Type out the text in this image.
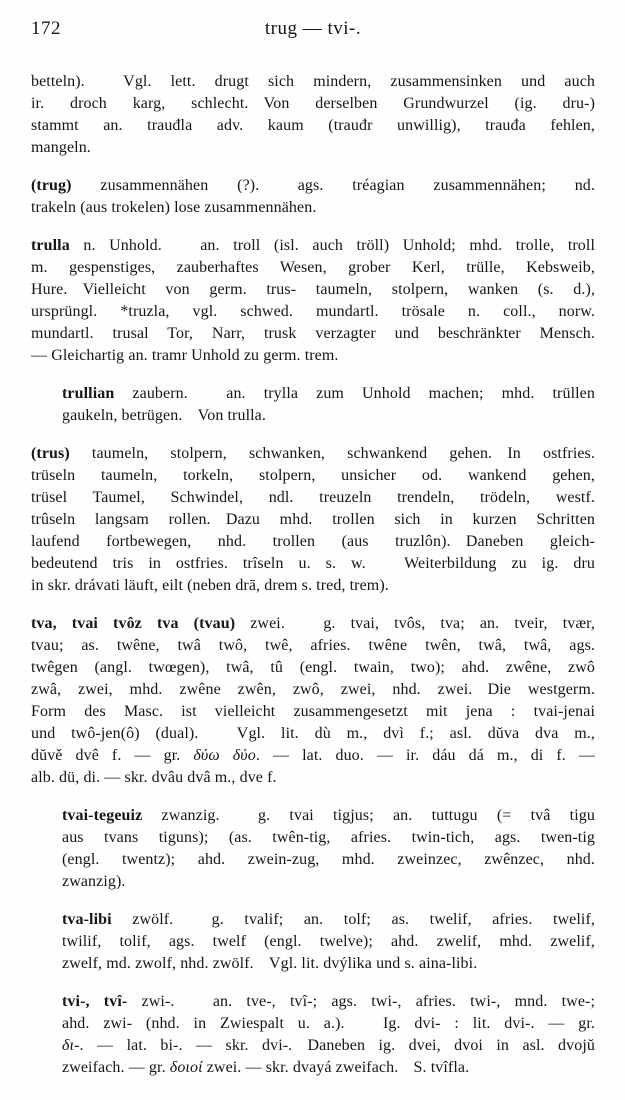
172	trug — tvi-.
betteln). Vgl. lett. drugt sich mindern, zusammensinken und auch
ir. droch karg, schlecht. Von derselben Grundwurzel (ig. dru-)
stammt an. trauđla adv. kaum (trauđr unwillig), trauđa fehlen,
mangeln.
(trug) zusammennähen (?). ags. tréagian zusammennähen; nd.
trakeln (aus trokelen) lose zusammennähen.
trulla n. Unhold. an. troll (isl. auch tröll) Unhold; mhd. trolle, troll
m. gespenstiges, zauberhaftes Wesen, grober Kerl, trülle, Kebsweib,
Hure. Vielleicht von germ. trus- taumeln, stolpern, wanken (s. d.),
ursprüngl. *truzla, vgl. schwed. mundartl. trösale n. coll., norw.
mundartl. trusal Tor, Narr, trusk verzagter und beschränkter Mensch.
— Gleichartig an. tramr Unhold zu germ. trem.
trullian zaubern. an. trylla zum Unhold machen; mhd. trüllen
gaukeln, betrügen. Von trulla.
(trus) taumeln, stolpern, schwanken, schwankend gehen. In ostfries.
trüseln taumeln, torkeln, stolpern, unsicher od. wankend gehen,
trüsel Taumel, Schwindel, ndl. treuzeln trendeln, trödeln, westf.
trûseln langsam rollen. Dazu mhd. trollen sich in kurzen Schritten
laufend fortbewegen, nhd. trollen (aus truzlôn). Daneben gleich-
bedeutend tris in ostfries. trîseln u. s. w. Weiterbildung zu ig. dru
in skr. drávati läuft, eilt (neben drā, drem s. tred, trem).
tva, tvai tvôz tva (tvau) zwei. g. tvai, tvôs, tva; an. tveir, tvær,
tvau; as. twêne, twâ twô, twê, afries. twêne twên, twâ, twâ, ags.
twêgen (angl. twœgen), twâ, tû (engl. twain, two); ahd. zwêne, zwô
zwâ, zwei, mhd. zwêne zwên, zwô, zwei, nhd. zwei. Die westgerm.
Form des Masc. ist vielleicht zusammengesetzt mit jena : tvai-jenai
und twô-jen(ô) (dual). Vgl. lit. dù m., dvì f.; asl. dŭva dva m.,
dŭvě dvê f. — gr. δύω δύο. — lat. duo. — ir. dáu dá m., di f. —
alb. dü, di. — skr. dvâu dvâ m., dve f.
tvai-tegeuiz zwanzig. g. tvai tigjus; an. tuttugu (= tvâ tigu
aus tvans tiguns); (as. twên-tig, afries. twin-tich, ags. twen-tig
(engl. twentz); ahd. zwein-zug, mhd. zweinzec, zwênzec, nhd.
zwanzig).
tva-libi zwölf. g. tvalif; an. tolf; as. twelif, afries. twelif,
twilif, tolif, ags. twelf (engl. twelve); ahd. zwelif, mhd. zwelif,
zwelf, md. zwolf, nhd. zwölf. Vgl. lit. dvýlika und s. aina-libi.
tvi-, tvî- zwi-. an. tve-, tvî-; ags. twi-, afries. twi-, mnd. twe-;
ahd. zwi- (nhd. in Zwiespalt u. a.). Ig. dvi- : lit. dvi-. — gr.
δι-. — lat. bi-. — skr. dvi-. Daneben ig. dvei, dvoi in asl. dvojŭ
zweifach. — gr. δοιοί zwei. — skr. dvayá zweifach. S. tvîfla.
